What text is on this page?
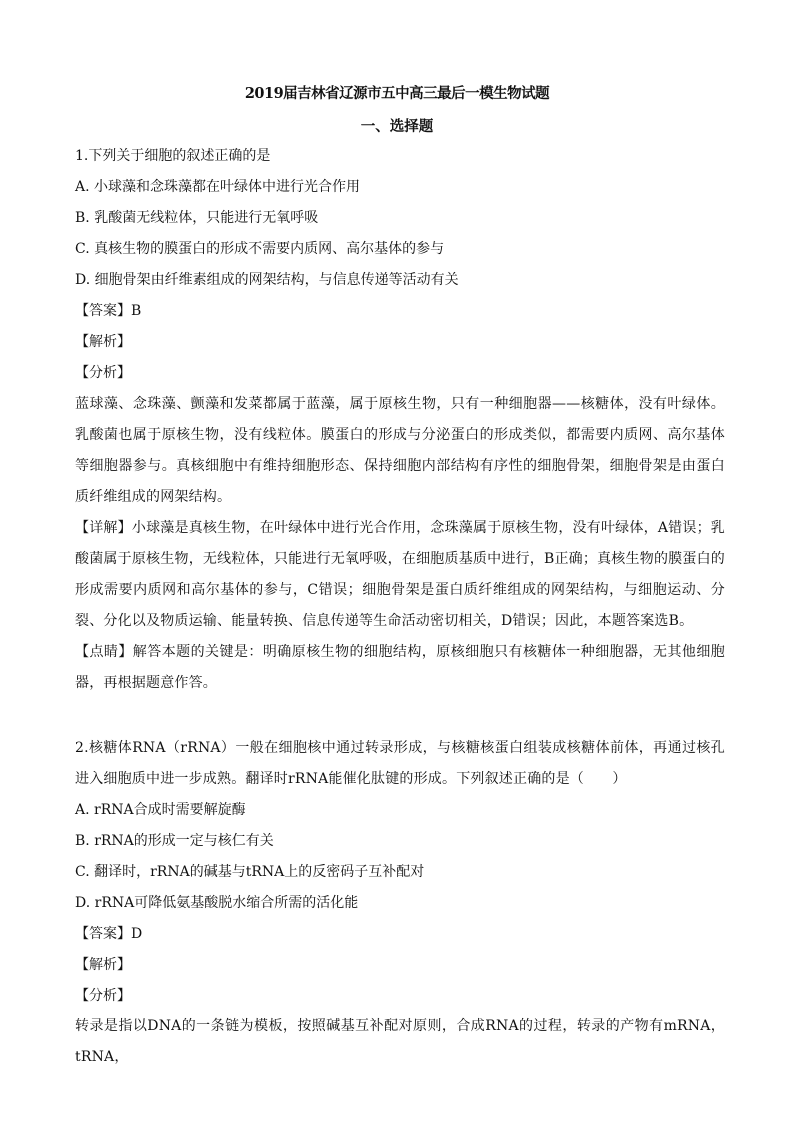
2019届吉林省辽源市五中高三最后一模生物试题
一、选择题
1.下列关于细胞的叙述正确的是
A. 小球藻和念珠藻都在叶绿体中进行光合作用
B. 乳酸菌无线粒体，只能进行无氧呼吸
C. 真核生物的膜蛋白的形成不需要内质网、高尔基体的参与
D. 细胞骨架由纤维素组成的网架结构，与信息传递等活动有关
【答案】B
【解析】
【分析】
蓝球藻、念珠藻、颤藻和发菜都属于蓝藻，属于原核生物，只有一种细胞器——核糖体，没有叶绿体。乳酸菌也属于原核生物，没有线粒体。膜蛋白的形成与分泌蛋白的形成类似，都需要内质网、高尔基体等细胞器参与。真核细胞中有维持细胞形态、保持细胞内部结构有序性的细胞骨架，细胞骨架是由蛋白质纤维组成的网架结构。
【详解】小球藻是真核生物，在叶绿体中进行光合作用，念珠藻属于原核生物，没有叶绿体，A错误；乳酸菌属于原核生物，无线粒体，只能进行无氧呼吸，在细胞质基质中进行，B正确；真核生物的膜蛋白的形成需要内质网和高尔基体的参与，C错误；细胞骨架是蛋白质纤维组成的网架结构，与细胞运动、分裂、分化以及物质运输、能量转换、信息传递等生命活动密切相关，D错误；因此，本题答案选B。
【点睛】解答本题的关键是：明确原核生物的细胞结构，原核细胞只有核糖体一种细胞器，无其他细胞器，再根据题意作答。
2.核糖体RNA（rRNA）一般在细胞核中通过转录形成，与核糖核蛋白组装成核糖体前体，再通过核孔进入细胞质中进一步成熟。翻译时rRNA能催化肽键的形成。下列叙述正确的是（　　）
A. rRNA合成时需要解旋酶
B. rRNA的形成一定与核仁有关
C. 翻译时，rRNA的碱基与tRNA上的反密码子互补配对
D. rRNA可降低氨基酸脱水缩合所需的活化能
【答案】D
【解析】
【分析】
转录是指以DNA的一条链为模板，按照碱基互补配对原则，合成RNA的过程，转录的产物有mRNA，tRNA，
